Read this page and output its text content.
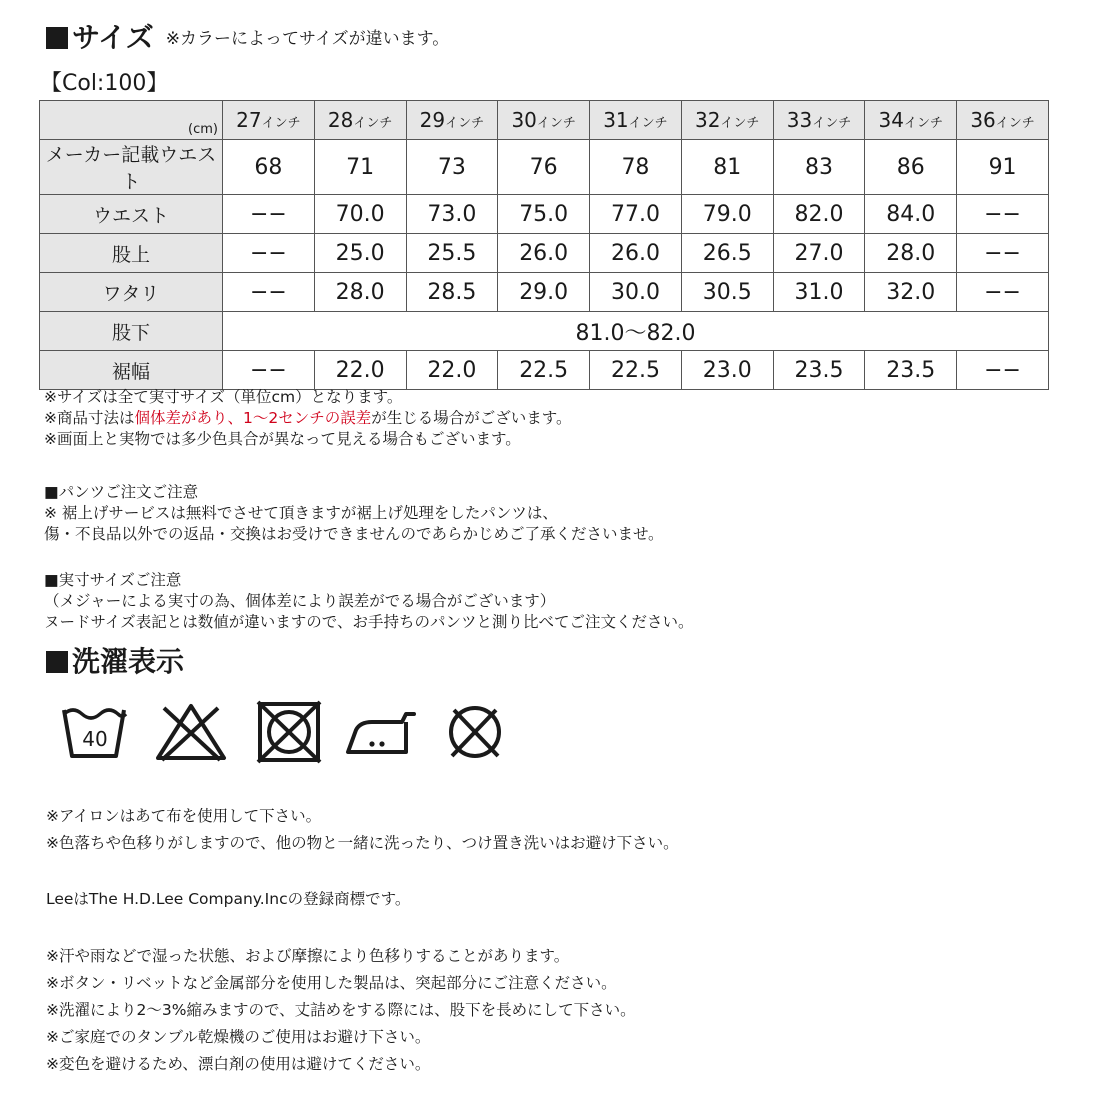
サイズ ※カラーによってサイズが違います。
【Col:100】
(cm)	27インチ	28インチ	29インチ	30インチ	31インチ	32インチ	33インチ	34インチ	36インチ
メーカー記載ウエスト	68	71	73	76	78	81	83	86	91
ウエスト	−−	70.0	73.0	75.0	77.0	79.0	82.0	84.0	−−
股上	−−	25.0	25.5	26.0	26.0	26.5	27.0	28.0	−−
ワタリ	−−	28.0	28.5	29.0	30.0	30.5	31.0	32.0	−−
股下	81.0〜82.0								
裾幅	−−	22.0	22.0	22.5	22.5	23.0	23.5	23.5	−−
※サイズは全て実寸サイズ（単位cm）となります。
※商品寸法は個体差があり、1〜2センチの誤差が生じる場合がございます。
※画面上と実物では多少色具合が異なって見える場合もございます。
■パンツご注文ご注意
※ 裾上げサービスは無料でさせて頂きますが裾上げ処理をしたパンツは、
傷・不良品以外での返品・交換はお受けできませんのであらかじめご了承くださいませ。
■実寸サイズご注意
（メジャーによる実寸の為、個体差により誤差がでる場合がございます）
ヌードサイズ表記とは数値が違いますので、お手持ちのパンツと測り比べてご注文ください。
洗濯表示
40
※アイロンはあて布を使用して下さい。
※色落ちや色移りがしますので、他の物と一緒に洗ったり、つけ置き洗いはお避け下さい。
LeeはThe H.D.Lee Company.Incの登録商標です。
※汗や雨などで湿った状態、および摩擦により色移りすることがあります。
※ボタン・リベットなど金属部分を使用した製品は、突起部分にご注意ください。
※洗濯により2〜3%縮みますので、丈詰めをする際には、股下を長めにして下さい。
※ご家庭でのタンブル乾燥機のご使用はお避け下さい。
※変色を避けるため、漂白剤の使用は避けてください。
